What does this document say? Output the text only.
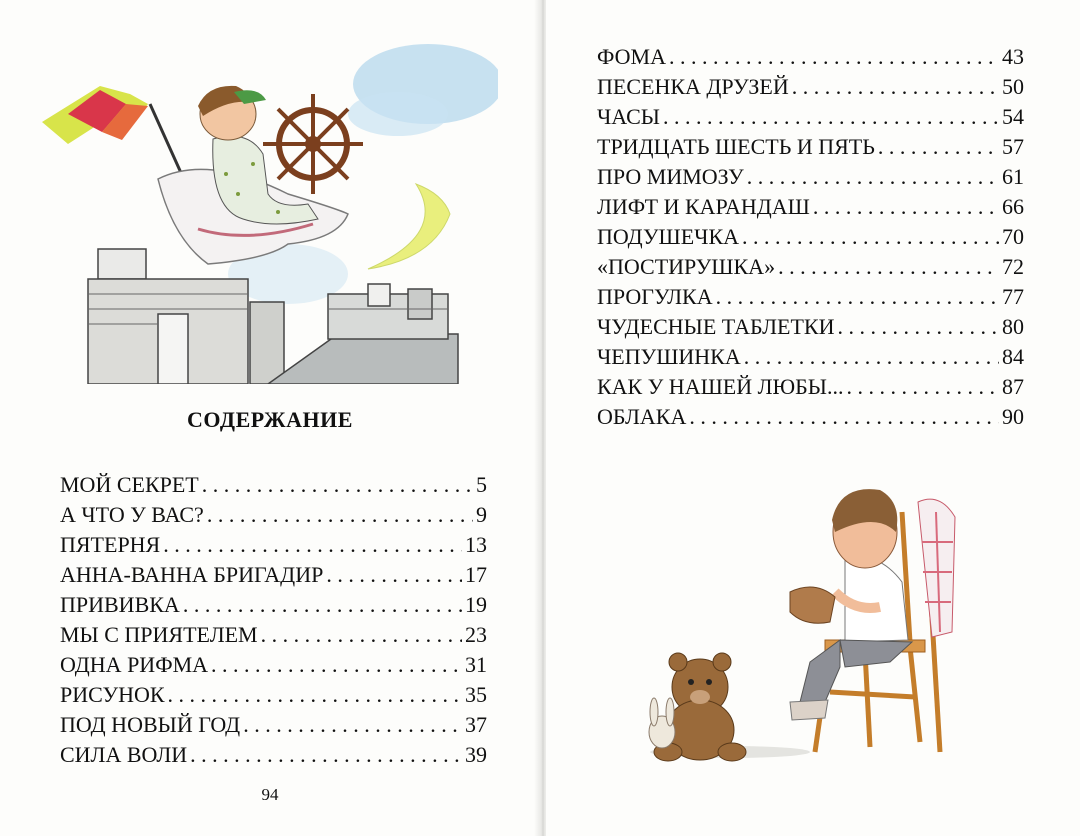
СОДЕРЖАНИЕ
МОЙ СЕКРЕТ . . .	5
А ЧТО У ВАС? . . .	9
ПЯТЕРНЯ . . .	13
АННА-ВАННА БРИГАДИР . . .	17
ПРИВИВКА . . .	19
МЫ С ПРИЯТЕЛЕМ . . .	23
ОДНА РИФМА . . .	31
РИСУНОК . . .	35
ПОД НОВЫЙ ГОД . . .	37
СИЛА ВОЛИ . . .	39
94
ФОМА . . .	43
ПЕСЕНКА ДРУЗЕЙ . . .	50
ЧАСЫ . . .	54
ТРИДЦАТЬ ШЕСТЬ И ПЯТЬ . . .	57
ПРО МИМОЗУ . . .	61
ЛИФТ И КАРАНДАШ . . .	66
ПОДУШЕЧКА . . .	70
«ПОСТИРУШКА» . . .	72
ПРОГУЛКА . . .	77
ЧУДЕСНЫЕ ТАБЛЕТКИ . . .	80
ЧЕПУШИНКА . . .	84
КАК У НАШЕЙ ЛЮБЫ... . . .	87
ОБЛАКА . . .	90
